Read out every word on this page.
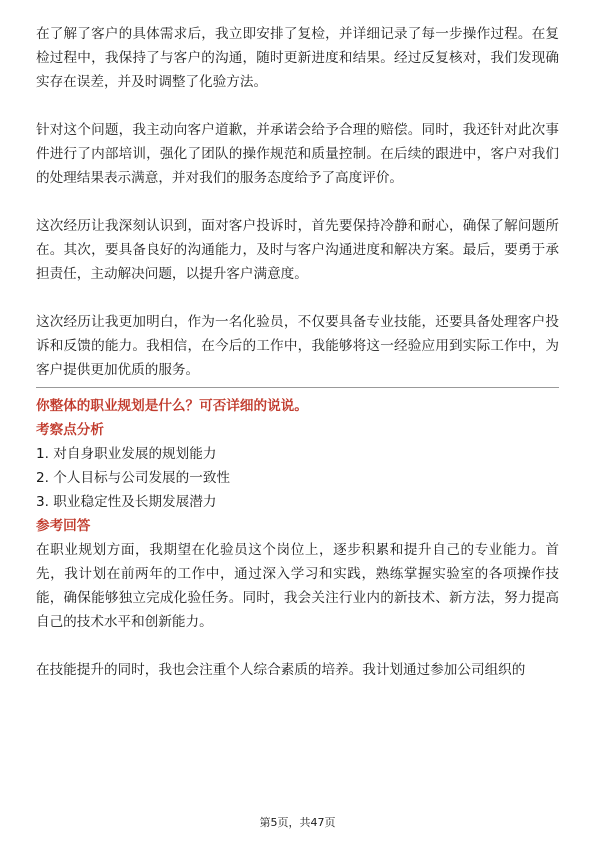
在了解了客户的具体需求后，我立即安排了复检，并详细记录了每一步操作过程。在复检过程中，我保持了与客户的沟通，随时更新进度和结果。经过反复核对，我们发现确实存在误差，并及时调整了化验方法。

针对这个问题，我主动向客户道歉，并承诺会给予合理的赔偿。同时，我还针对此次事件进行了内部培训，强化了团队的操作规范和质量控制。在后续的跟进中，客户对我们的处理结果表示满意，并对我们的服务态度给予了高度评价。

这次经历让我深刻认识到，面对客户投诉时，首先要保持冷静和耐心，确保了解问题所在。其次，要具备良好的沟通能力，及时与客户沟通进度和解决方案。最后，要勇于承担责任，主动解决问题，以提升客户满意度。

这次经历让我更加明白，作为一名化验员，不仅要具备专业技能，还要具备处理客户投诉和反馈的能力。我相信，在今后的工作中，我能够将这一经验应用到实际工作中，为客户提供更加优质的服务。

你整体的职业规划是什么？可否详细的说说。

考察点分析

1. 对自身职业发展的规划能力
2. 个人目标与公司发展的一致性
3. 职业稳定性及长期发展潜力

参考回答

在职业规划方面，我期望在化验员这个岗位上，逐步积累和提升自己的专业能力。首先，我计划在前两年的工作中，通过深入学习和实践，熟练掌握实验室的各项操作技能，确保能够独立完成化验任务。同时，我会关注行业内的新技术、新方法，努力提高自己的技术水平和创新能力。

在技能提升的同时，我也会注重个人综合素质的培养。我计划通过参加公司组织的

第5页，共47页
